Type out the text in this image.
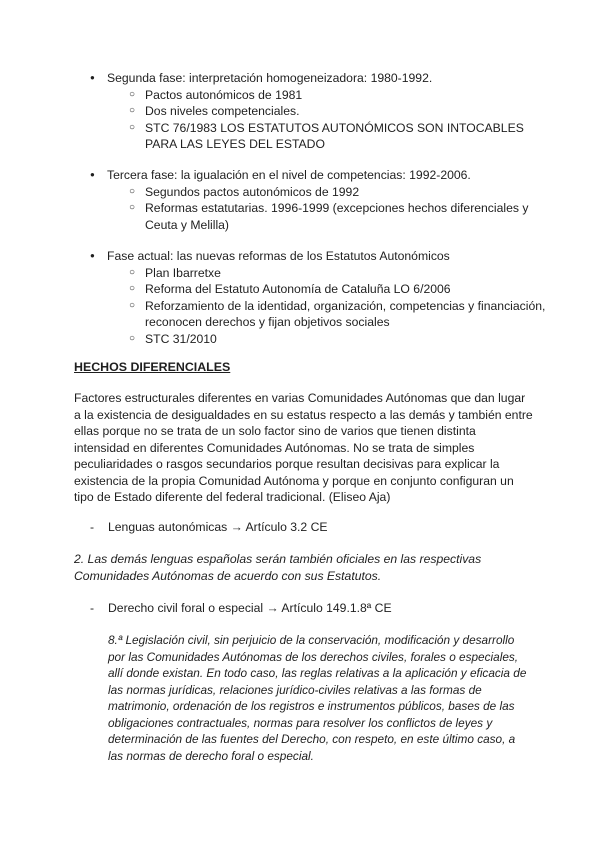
● Segunda fase: interpretación homogeneizadora: 1980-1992.
○ Pactos autonómicos de 1981
○ Dos niveles competenciales.
○ STC 76/1983 LOS ESTATUTOS AUTONÓMICOS SON INTOCABLES PARA LAS LEYES DEL ESTADO
● Tercera fase: la igualación en el nivel de competencias: 1992-2006.
○ Segundos pactos autonómicos de 1992
○ Reformas estatutarias. 1996-1999 (excepciones hechos diferenciales y Ceuta y Melilla)
● Fase actual: las nuevas reformas de los Estatutos Autonómicos
○ Plan Ibarretxe
○ Reforma del Estatuto Autonomía de Cataluña LO 6/2006
○ Reforzamiento de la identidad, organización, competencias y financiación, reconocen derechos y fijan objetivos sociales
○ STC 31/2010
HECHOS DIFERENCIALES

Factores estructurales diferentes en varias Comunidades Autónomas que dan lugar a la existencia de desigualdades en su estatus respecto a las demás y también entre ellas porque no se trata de un solo factor sino de varios que tienen distinta intensidad en diferentes Comunidades Autónomas. No se trata de simples peculiaridades o rasgos secundarios porque resultan decisivas para explicar la existencia de la propia Comunidad Autónoma y porque en conjunto configuran un tipo de Estado diferente del federal tradicional. (Eliseo Aja)

- Lenguas autonómicas → Artículo 3.2 CE

2. Las demás lenguas españolas serán también oficiales en las respectivas Comunidades Autónomas de acuerdo con sus Estatutos.

- Derecho civil foral o especial → Artículo 149.1.8ª CE

8.ª Legislación civil, sin perjuicio de la conservación, modificación y desarrollo por las Comunidades Autónomas de los derechos civiles, forales o especiales, allí donde existan. En todo caso, las reglas relativas a la aplicación y eficacia de las normas jurídicas, relaciones jurídico-civiles relativas a las formas de matrimonio, ordenación de los registros e instrumentos públicos, bases de las obligaciones contractuales, normas para resolver los conflictos de leyes y determinación de las fuentes del Derecho, con respeto, en este último caso, a las normas de derecho foral o especial.
